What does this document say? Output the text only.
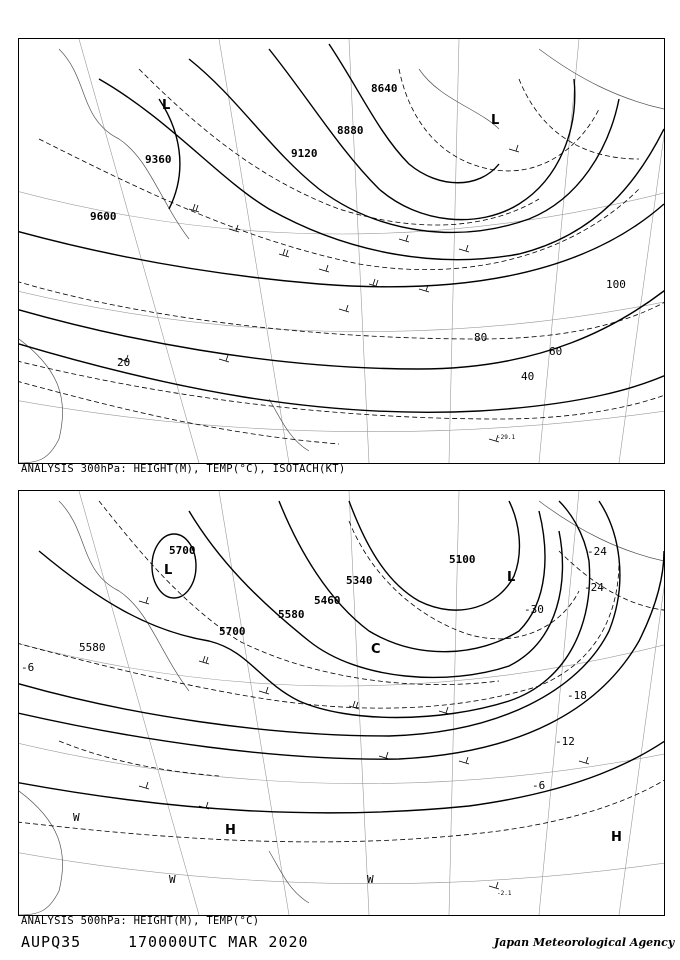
9600
9120
8880
8640
9360
20
40
60
80
100
L
L
-29.1
ANALYSIS 300hPa: HEIGHT(M), TEMP(°C), ISOTACH(KT)
5700
5700
5580
5460
5340
5100
5580
-6
-12
-18
-24
-30
-24
-6
L
C
L
H	H
W
W	W
-2.1
ANALYSIS 500hPa: HEIGHT(M), TEMP(°C)
AUPQ35	170000UTC MAR 2020	Japan Meteorological Agency
